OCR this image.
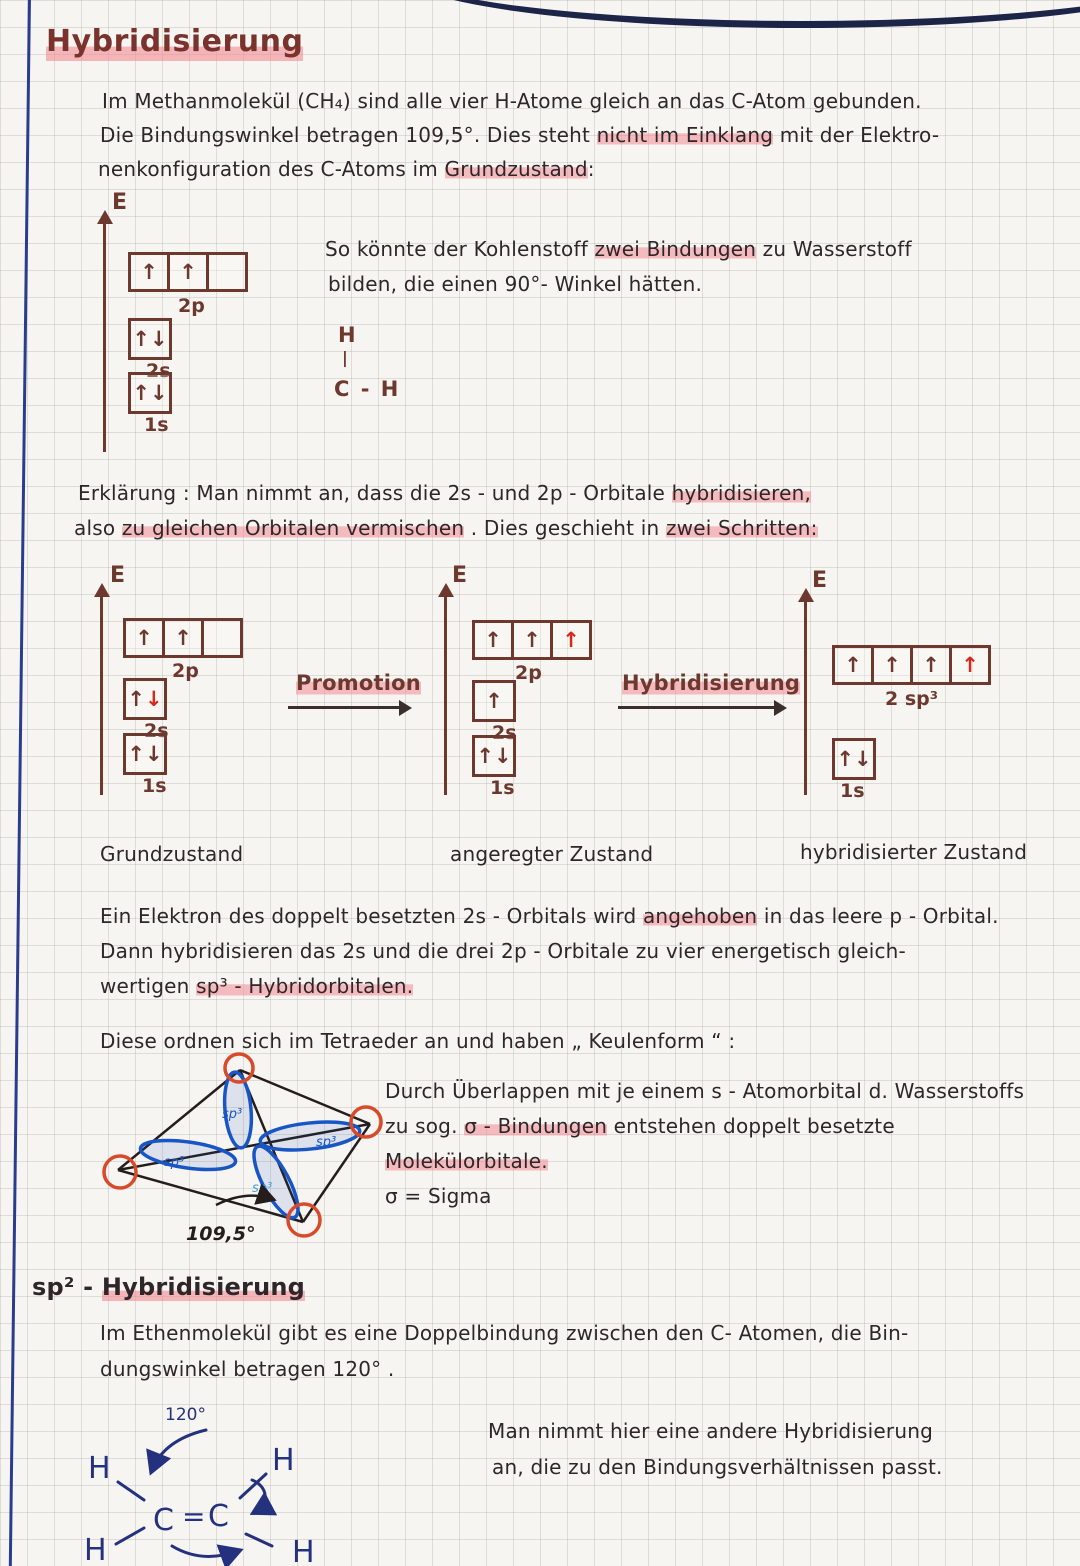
Hybridisierung
Im Methanmolekül (CH₄) sind alle vier H-Atome gleich an das C-Atom gebunden.
Die Bindungswinkel betragen 109,5°. Dies steht nicht im Einklang mit der Elektro-
nenkonfiguration des C-Atoms im Grundzustand:
E
↑ ↑
2p
↑ ↓
2s
↑ ↓
1s
So könnte der Kohlenstoff zwei Bindungen zu Wasserstoff
bilden, die einen 90°- Winkel hätten.
H
|
C - H
Erklärung : Man nimmt an, dass die 2s - und 2p - Orbitale hybridisieren,
also zu gleichen Orbitalen vermischen . Dies geschieht in zwei Schritten:
E
↑ ↑
2p
↑ ↓
2s
↑ ↓
1s
Promotion
E
↑ ↑ ↑
2p
↑
2s
↑ ↓
1s
Hybridisierung
E
↑ ↑ ↑ ↑
2 sp³
↑ ↓
1s
Grundzustand	angeregter Zustand	hybridisierter Zustand
Ein Elektron des doppelt besetzten 2s - Orbitals wird angehoben in das leere p - Orbital.
Dann hybridisieren das 2s und die drei 2p - Orbitale zu vier energetisch gleich-
wertigen sp³ - Hybridorbitalen.
Diese ordnen sich im Tetraeder an und haben „ Keulenform “ :
sp³
sp³
sp³
sp³
109,5°
Durch Überlappen mit je einem s - Atomorbital d. Wasserstoffs
zu sog. σ - Bindungen entstehen doppelt besetzte
Molekülorbitale.
σ = Sigma
sp² - Hybridisierung
Im Ethenmolekül gibt es eine Doppelbindung zwischen den C- Atomen, die Bin-
dungswinkel betragen 120° .
H
H
H
H
C = C
120°
Man nimmt hier eine andere Hybridisierung
an, die zu den Bindungsverhältnissen passt.
